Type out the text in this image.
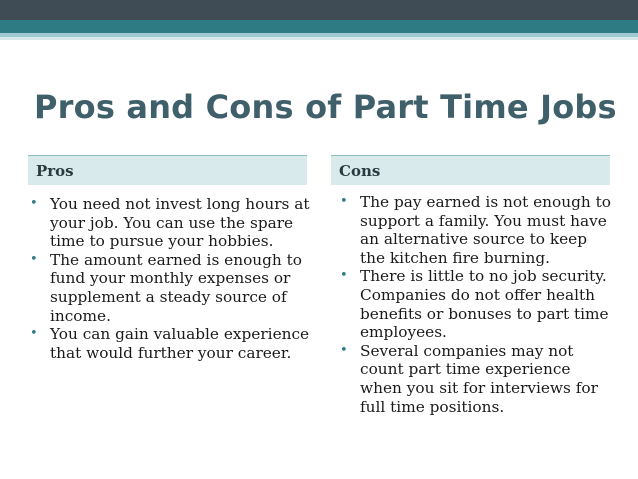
Pros and Cons of Part Time Jobs
Pros	Cons
• You need not invest long hours at your job. You can use the spare time to pursue your hobbies.
• The amount earned is enough to fund your monthly expenses or supplement a steady source of income.
• You can gain valuable experience that would further your career.
• The pay earned is not enough to support a family. You must have an alternative source to keep the kitchen fire burning.
• There is little to no job security. Companies do not offer health benefits or bonuses to part time employees.
• Several companies may not count part time experience when you sit for interviews for full time positions.
